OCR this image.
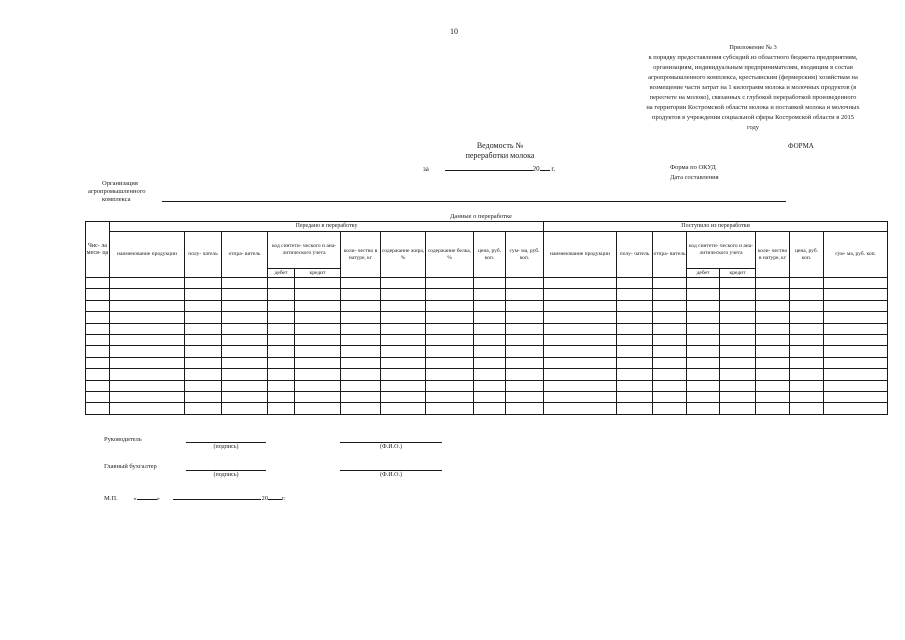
10
Приложение № 3
к порядку предоставления субсидий из областного бюджета предприятиям,
организациям, индивидуальным предпринимателям, входящим в состав
агропромышленного комплекса, крестьянским (фермерским) хозяйствам на
возмещение части затрат на 1 килограмм молока и молочных продуктов (в
пересчете на молоко), связанных с глубокой переработкой произведенного
на территории Костромской области молока и поставкой молока и молочных
продуктов в учреждения социальной сферы Костромской области в 2015
году
ФОРМА
Ведомость №
переработки молока
за	20 г.	Форма по ОКУД
Дата составления
Организация
агропромышленного
комплекса
Данные о переработке
Чис- ла меся- ца	Передано в переработку										Поступило из переработки							
	наименование продукции	полу- чатель	отпра- витель	код синтети- ческого и ана- литического учета		коли- чество в натуре, кг	содержание жира, %	содержание белка, %	цена, руб. коп.	сум- ма, руб. коп.	наименование продукции	полу- чатель	отпра- витель	код синтети- ческого и ана- литического учета		коли- чество в натуре, кг	цена, руб. коп.	сум- ма, руб. коп.
				дебет	кредит									дебет	кредит			

Руководитель
(подпись)	(Ф.И.О.)
Главный бухгалтер
(подпись)	(Ф.И.О.)
М.П. «	»	20 г.
